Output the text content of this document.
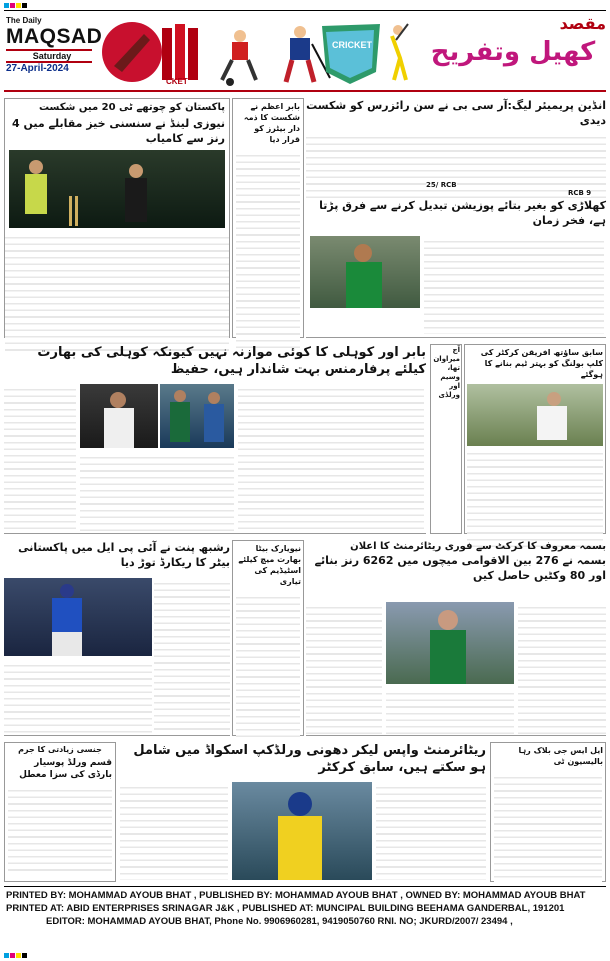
The Daily
MAQSAD
Saturday
27-April-2024
CKET
CRICKET
مقصد
کھیل وتفریح
پاکستان کو چوتھے ٹی 20 میں شکست
نیوزی لینڈ نے سنسنی خیز مقابلے میں 4 رنز سے کامیاب
بابر اعظم نے شکست کا ذمہ دار بیٹرز کو قرار دیا
انڈین پریمیئر لیگ:آر سی بی نے سن رائزرس کو شکست دیدی
25/ RCB
RCB 9
کھلاڑی کو بغیر بتائے پوزیشن تبدیل کرنے سے فرق پڑتا ہے، فخر زمان
بابر اور کوہلی کا کوئی موازنہ نہیں کیونکہ کوہلی کی بھارت کیلئے پرفارمنس بہت شاندار ہیں، حفیظ
آج میراوان تھا، وسیم اور ورلڈی
سابق ساؤتھ افریقن کرکٹر کی کلپ بولنگ کو بہتر ٹیم بنانے کا ہوگئے
رشبھ پنت نے آئی پی ایل میں پاکستانی بیٹر کا ریکارڈ توڑ دیا
نیویارک بیٹا بھارت میچ کیلئے اسٹیڈیم کی تیاری
بسمہ معروف کا کرکٹ سے فوری ریٹائرمنٹ کا اعلان
بسمہ نے 276 بین الاقوامی میچوں میں 6262 رنز بنائے اور 80 وکٹیں حاصل کیں
جنسی زیادتی کا جرم
قسم ورلڈ پوسیار بارڈی کی سزا معطل
ریٹائرمنٹ واپس لیکر دھونی ورلڈکپ اسکواڈ میں شامل ہو سکتے ہیں، سابق کرکٹر
ایل ایس جی بلاک رہا بالیسیون ٹی
PRINTED BY: MOHAMMAD AYOUB BHAT , PUBLISHED BY: MOHAMMAD AYOUB BHAT , OWNED BY: MOHAMMAD AYOUB BHAT
PRINTED AT: ABID ENTERPRISES SRINAGAR J&K , PUBLISHED AT: MUNCIPAL BUILDING BEEHAMA GANDERBAL, 191201
EDITOR: MOHAMMAD AYOUB BHAT, Phone No. 9906960281, 9419050760 RNI. NO; JKURD/2007/ 23494 ,
